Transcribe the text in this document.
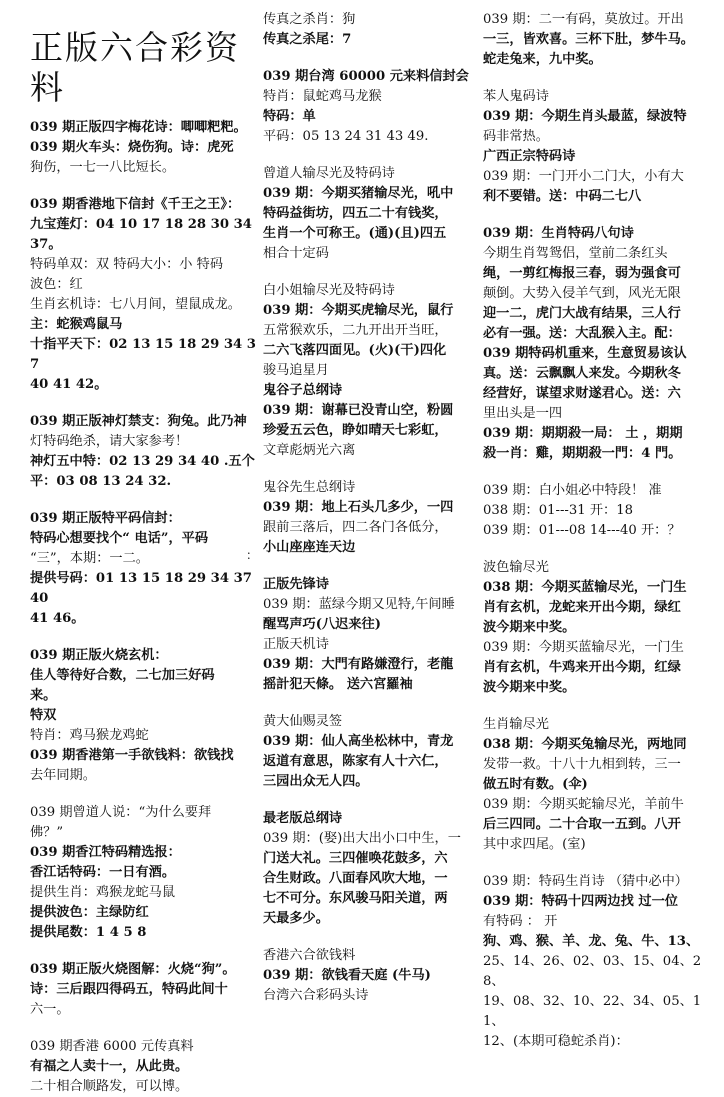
正版六合彩资料
039 期正版四字梅花诗：唧唧粑粑。
039 期火车头：烧伤狗。诗：虎死
狗伤，一七一八比短长。
039 期香港地下信封《千王之王》：
九宝莲灯：04 10 17 18 28 30 34 37。
特码单双：双 特码大小：小 特码
波色：红
生肖玄机诗：七八月间，望鼠成龙。
主：蛇猴鸡鼠马
十指平天下：02 13 15 18 29 34 37
40 41 42。
039 期正版神灯禁支：狗兔。此乃神
灯特码绝杀，请大家参考！
神灯五中特：02 13 29 34 40 .五个
平：03 08 13 24 32.
039 期正版特平码信封：
特码心想要找个“ 电话”，平码
“三”，本期：一二。
提供号码：01 13 15 18 29 34 37 40
41 46。
039 期正版火烧玄机：
佳人等待好合数，二七加三好码
来。
特双
特肖：鸡马猴龙鸡蛇
039 期香港第一手欲钱料：欲钱找
去年同期。
039 期曾道人说：“为什么要拜
佛？”
039 期香江特码精选报：
香江话特码：一日有酒。
提供生肖：鸡猴龙蛇马鼠
提供波色：主绿防红
提供尾数：1 4 5 8
039 期正版火烧图解：火烧“狗”。
诗：三后跟四得码五，特码此间十
六一。
039 期香港 6000 元传真料
有福之人卖十一，从此贵。
二十相合顺路发，可以博。
传真之杀肖：狗
传真之杀尾：7
039 期台湾 60000 元来料信封会
特肖：鼠蛇鸡马龙猴
特码：单
平码：05 13 24 31 43 49.
曾道人输尽光及特码诗
039 期：今期买猪输尽光，吼中
特码益街坊，四五二十有钱奖，
生肖一个可称王。(通)(且)四五
相合十定码
白小姐输尽光及特码诗
039 期：今期买虎输尽光，鼠行
五常猴欢乐，二九开出开当旺，
二六飞落四面见。(火)(干)四化
骏马追星月
鬼谷子总纲诗
039 期：谢幕已没青山空，粉圆
珍爱五云色，睁如晴天七彩虹，
文章彪炳光六离
鬼谷先生总纲诗
039 期：地上石头几多少，一四
跟前三落后，四二各门各低分，
小山座座连天边
正版先锋诗
039 期：蓝绿今期又见特,午间睡
醒骂声巧(八迟来往)
正版天机诗
039 期：大門有路嫌澄行，老龍
摇計犯天條。 送六宮羅袖
黄大仙赐灵签
039 期：仙人高坐松林中，青龙
返道有意思，陈家有人十六仁，
三园出众无人四。
最老版总纲诗
039 期：(娶)出大出小口中生，一
门送大礼。三四催唤花鼓多，六
合生财政。八面春风吹大地，一
七不可分。东风骏马阳关道，两
天最多少。
香港六合欲钱料
039 期：欲钱看天庭 (牛马)
台湾六合彩码头诗
039 期：二一有码，莫放过。开出
一三，皆欢喜。三杯下肚，梦牛马。
蛇走兔来，九中奖。
苯人鬼码诗
039 期：今期生肖头最蓝，绿波特
码非常热。
广西正宗特码诗
039 期：一门开小二门大，小有大
利不要错。送：中码二七八
039 期：生肖特码八句诗
今期生肖驾鸳侣，堂前二条红头
绳，一剪红梅报三春，弱为强食可
颠倒。大势入侵羊气到，风光无限
迎一二，虎门大战有结果，三人行
必有一强。送：大乱猴入主。配：
039 期特码机重来，生意贸易该认
真。送：云飘飘人来发。今期秋冬
经营好，谋望求财遂君心。送：六
里出头是一四
039 期：期期殺一局： 土 ，期期
殺一肖：雞，期期殺一門：4 門。
039 期：白小姐必中特段！ 准
038 期：01---31 开：18
039 期：01---08 14---40 开：？
波色输尽光
038 期：今期买蓝输尽光，一门生
肖有玄机，龙蛇来开出今期，绿红
波今期来中奖。
039 期：今期买蓝输尽光，一门生
肖有玄机，牛鸡来开出今期，红绿
波今期来中奖。
生肖输尽光
038 期：今期买兔输尽光，两地同
发带一救。十八十九相到转，三一
做五时有数。(伞)
039 期：今期买蛇输尽光，羊前牛
后三四同。二十合取一五到。八开
其中求四尾。(室)
039 期：特码生肖诗 （猜中必中）
039 期：特码十四两边找 过一位
有特码 ： 开
狗、鸡、猴、羊、龙、兔、牛、13、
25、14、26、02、03、15、04、28、
19、08、32、10、22、34、05、11、
12、(本期可稳蛇杀肖)：
：
